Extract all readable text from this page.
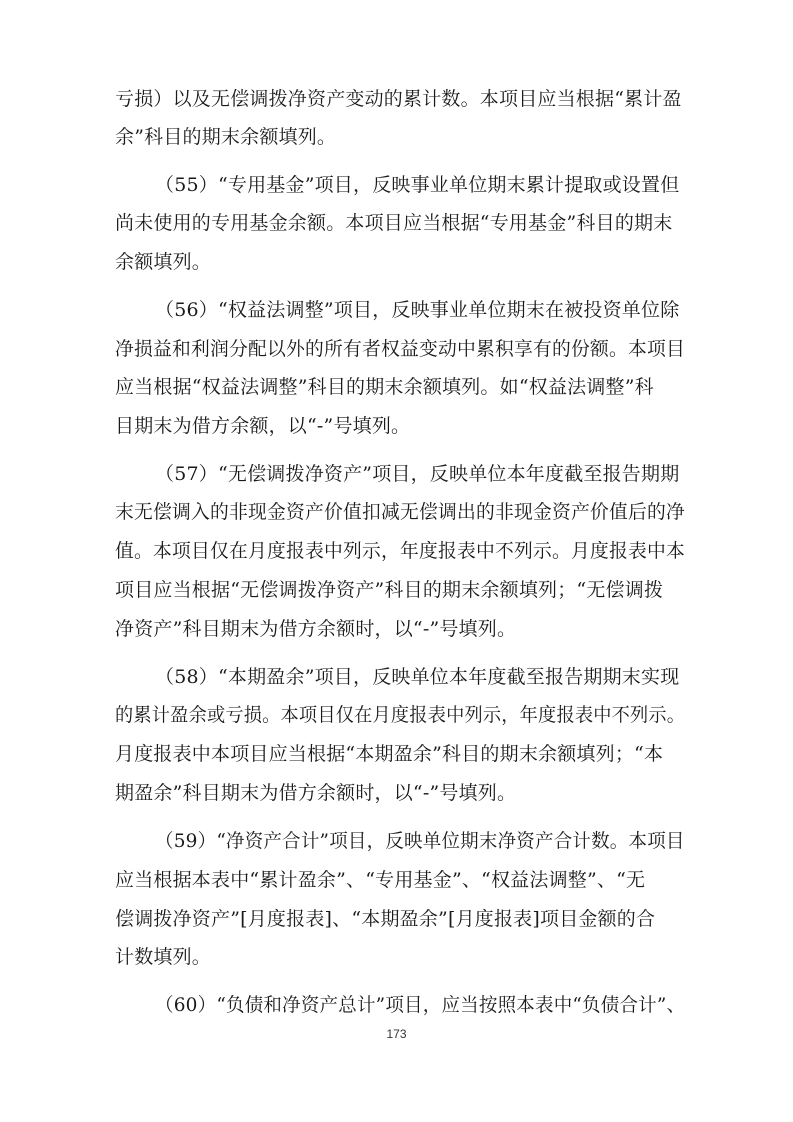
亏损）以及无偿调拨净资产变动的累计数。本项目应当根据“累计盈
余”科目的期末余额填列。
（55）“专用基金”项目，反映事业单位期末累计提取或设置但
尚未使用的专用基金余额。本项目应当根据“专用基金”科目的期末
余额填列。
（56）“权益法调整”项目，反映事业单位期末在被投资单位除
净损益和利润分配以外的所有者权益变动中累积享有的份额。本项目
应当根据“权益法调整”科目的期末余额填列。如“权益法调整”科
目期末为借方余额，以“-”号填列。
（57）“无偿调拨净资产”项目，反映单位本年度截至报告期期
末无偿调入的非现金资产价值扣减无偿调出的非现金资产价值后的净
值。本项目仅在月度报表中列示，年度报表中不列示。月度报表中本
项目应当根据“无偿调拨净资产”科目的期末余额填列；“无偿调拨
净资产”科目期末为借方余额时，以“-”号填列。
（58）“本期盈余”项目，反映单位本年度截至报告期期末实现
的累计盈余或亏损。本项目仅在月度报表中列示，年度报表中不列示。
月度报表中本项目应当根据“本期盈余”科目的期末余额填列；“本
期盈余”科目期末为借方余额时，以“-”号填列。
（59）“净资产合计”项目，反映单位期末净资产合计数。本项目
应当根据本表中“累计盈余”、“专用基金”、“权益法调整”、“无
偿调拨净资产”[月度报表]、“本期盈余”[月度报表]项目金额的合
计数填列。
（60）“负债和净资产总计”项目，应当按照本表中“负债合计”、
173
